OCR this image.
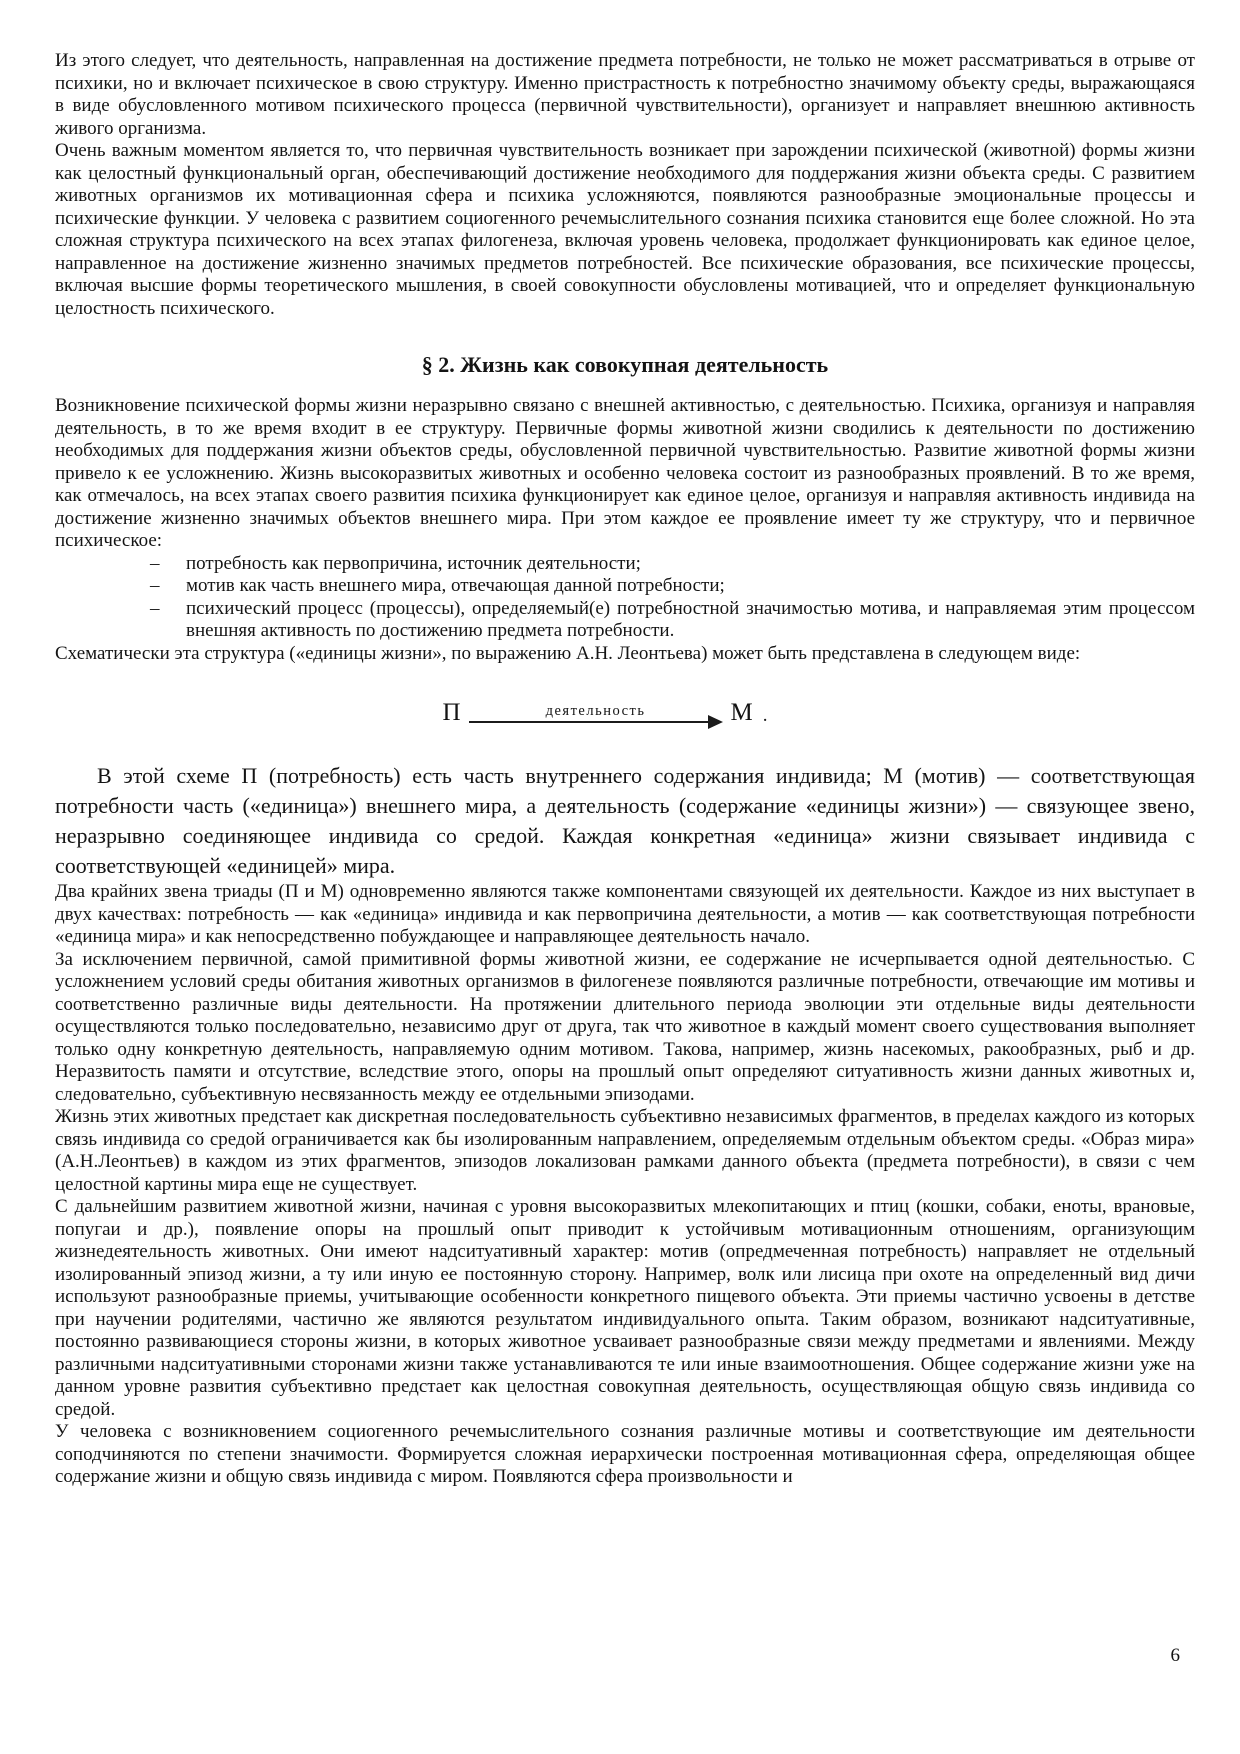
Из этого следует, что деятельность, направленная на достижение предмета потребности, не только не может рассматриваться в отрыве от психики, но и включает психическое в свою структуру. Именно пристрастность к потребностно значимому объекту среды, выражающаяся в виде обусловленного мотивом психического процесса (первичной чувствительности), организует и направляет внешнюю активность живого организма.

Очень важным моментом является то, что первичная чувствительность возникает при зарождении психической (животной) формы жизни как целостный функциональный орган, обеспечивающий достижение необходимого для поддержания жизни объекта среды. С развитием животных организмов их мотивационная сфера и психика усложняются, появляются разнообразные эмоциональные процессы и психические функции. У человека с развитием социогенного речемыслительного сознания психика становится еще более сложной. Но эта сложная структура психического на всех этапах филогенеза, включая уровень человека, продолжает функционировать как единое целое, направленное на достижение жизненно значимых предметов потребностей. Все психические образования, все психические процессы, включая высшие формы теоретического мышления, в своей совокупности обусловлены мотивацией, что и определяет функциональную целостность психического.

§ 2. Жизнь как совокупная деятельность

Возникновение психической формы жизни неразрывно связано с внешней активностью, с деятельностью. Психика, организуя и направляя деятельность, в то же время входит в ее структуру. Первичные формы животной жизни сводились к деятельности по достижению необходимых для поддержания жизни объектов среды, обусловленной первичной чувствительностью. Развитие животной формы жизни привело к ее усложнению. Жизнь высокоразвитых животных и особенно человека состоит из разнообразных проявлений. В то же время, как отмечалось, на всех этапах своего развития психика функционирует как единое целое, организуя и направляя активность индивида на достижение жизненно значимых объектов внешнего мира. При этом каждое ее проявление имеет ту же структуру, что и первичное психическое:

–	потребность как первопричина, источник деятельности;
–	мотив как часть внешнего мира, отвечающая данной потребности;
–	психический процесс (процессы), определяемый(е) потребностной значимостью мотива, и направляемая этим процессом внешняя активность по достижению предмета потребности.

Схематически эта структура («единицы жизни», по выражению А.Н. Леонтьева) может быть представлена в следующем виде:

П	деятельность	М .

В этой схеме П (потребность) есть часть внутреннего содержания индивида; М (мотив) — соответствующая потребности часть («единица») внешнего мира, а деятельность (содержание «единицы жизни») — связующее звено, неразрывно соединяющее индивида со средой. Каждая конкретная «единица» жизни связывает индивида с соответствующей «единицей» мира.

Два крайних звена триады (П и М) одновременно являются также компонентами связующей их деятельности. Каждое из них выступает в двух качествах: потребность — как «единица» индивида и как первопричина деятельности, а мотив — как соответствующая потребности «единица мира» и как непосредственно побуждающее и направляющее деятельность начало.

За исключением первичной, самой примитивной формы животной жизни, ее содержание не исчерпывается одной деятельностью. С усложнением условий среды обитания животных организмов в филогенезе появляются различные потребности, отвечающие им мотивы и соответственно различные виды деятельности. На протяжении длительного периода эволюции эти отдельные виды деятельности осуществляются только последовательно, независимо друг от друга, так что животное в каждый момент своего существования выполняет только одну конкретную деятельность, направляемую одним мотивом. Такова, например, жизнь насекомых, ракообразных, рыб и др. Неразвитость памяти и отсутствие, вследствие этого, опоры на прошлый опыт определяют ситуативность жизни данных животных и, следовательно, субъективную несвязанность между ее отдельными эпизодами.

Жизнь этих животных предстает как дискретная последовательность субъективно независимых фрагментов, в пределах каждого из которых связь индивида со средой ограничивается как бы изолированным направлением, определяемым отдельным объектом среды. «Образ мира» (А.Н.Леонтьев) в каждом из этих фрагментов, эпизодов локализован рамками данного объекта (предмета потребности), в связи с чем целостной картины мира еще не существует.

С дальнейшим развитием животной жизни, начиная с уровня высокоразвитых млекопитающих и птиц (кошки, собаки, еноты, врановые, попугаи и др.), появление опоры на прошлый опыт приводит к устойчивым мотивационным отношениям, организующим жизнедеятельность животных. Они имеют надситуативный характер: мотив (опредмеченная потребность) направляет не отдельный изолированный эпизод жизни, а ту или иную ее постоянную сторону. Например, волк или лисица при охоте на определенный вид дичи используют разнообразные приемы, учитывающие особенности конкретного пищевого объекта. Эти приемы частично усвоены в детстве при научении родителями, частично же являются результатом индивидуального опыта. Таким образом, возникают надситуативные, постоянно развивающиеся стороны жизни, в которых животное усваивает разнообразные связи между предметами и явлениями. Между различными надситуативными сторонами жизни также устанавливаются те или иные взаимоотношения. Общее содержание жизни уже на данном уровне развития субъективно предстает как целостная совокупная деятельность, осуществляющая общую связь индивида со средой.

У человека с возникновением социогенного речемыслительного сознания различные мотивы и соответствующие им деятельности соподчиняются по степени значимости. Формируется сложная иерархически построенная мотивационная сфера, определяющая общее содержание жизни и общую связь индивида с миром. Появляются сфера произвольности и

6
